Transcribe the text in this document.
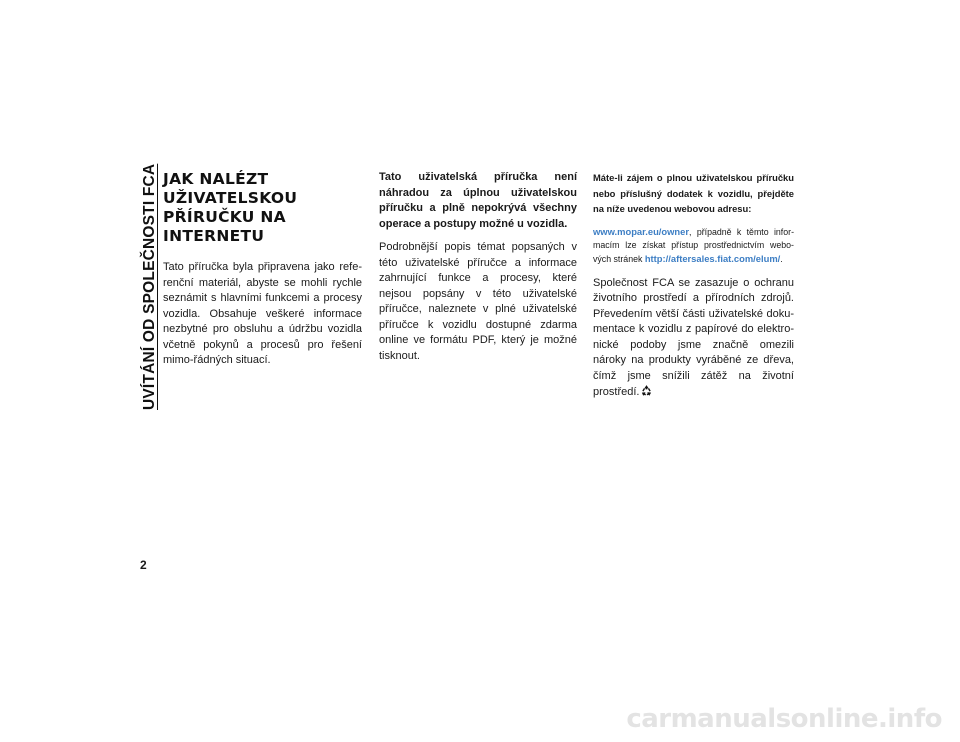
UVÍTÁNÍ OD SPOLEČNOSTI FCA
2
JAK NALÉZT UŽIVATELSKOU PŘÍRUČKU NA INTERNETU

Tato příručka byla připravena jako refe-renční materiál, abyste se mohli rychle seznámit s hlavními funkcemi a procesy vozidla. Obsahuje veškeré informace nezbytné pro obsluhu a údržbu vozidla včetně pokynů a procesů pro řešení mimo-řádných situací.

Tato uživatelská příručka není náhradou za úplnou uživatelskou příručku a plně nepokrývá všechny operace a postupy možné u vozidla.

Podrobnější popis témat popsaných v této uživatelské příručce a informace zahrnující funkce a procesy, které nejsou popsány v této uživatelské příručce, naleznete v plné uživatelské příručce k vozidlu dostupné zdarma online ve formátu PDF, který je možné tisknout.

Máte-li zájem o plnou uživatelskou příručku nebo příslušný dodatek k vozidlu, přejděte na níže uvedenou webovou adresu:

www.mopar.eu/owner, případně k těmto infor-macím lze získat přístup prostřednictvím webo-vých stránek http://aftersales.fiat.com/elum/.

Společnost FCA se zasazuje o ochranu životního prostředí a přírodních zdrojů. Převedením větší části uživatelské doku-mentace k vozidlu z papírové do elektro-nické podoby jsme značně omezili nároky na produkty vyráběné ze dřeva, čímž jsme snížili zátěž na životní prostředí.

carmanualsonline.info
